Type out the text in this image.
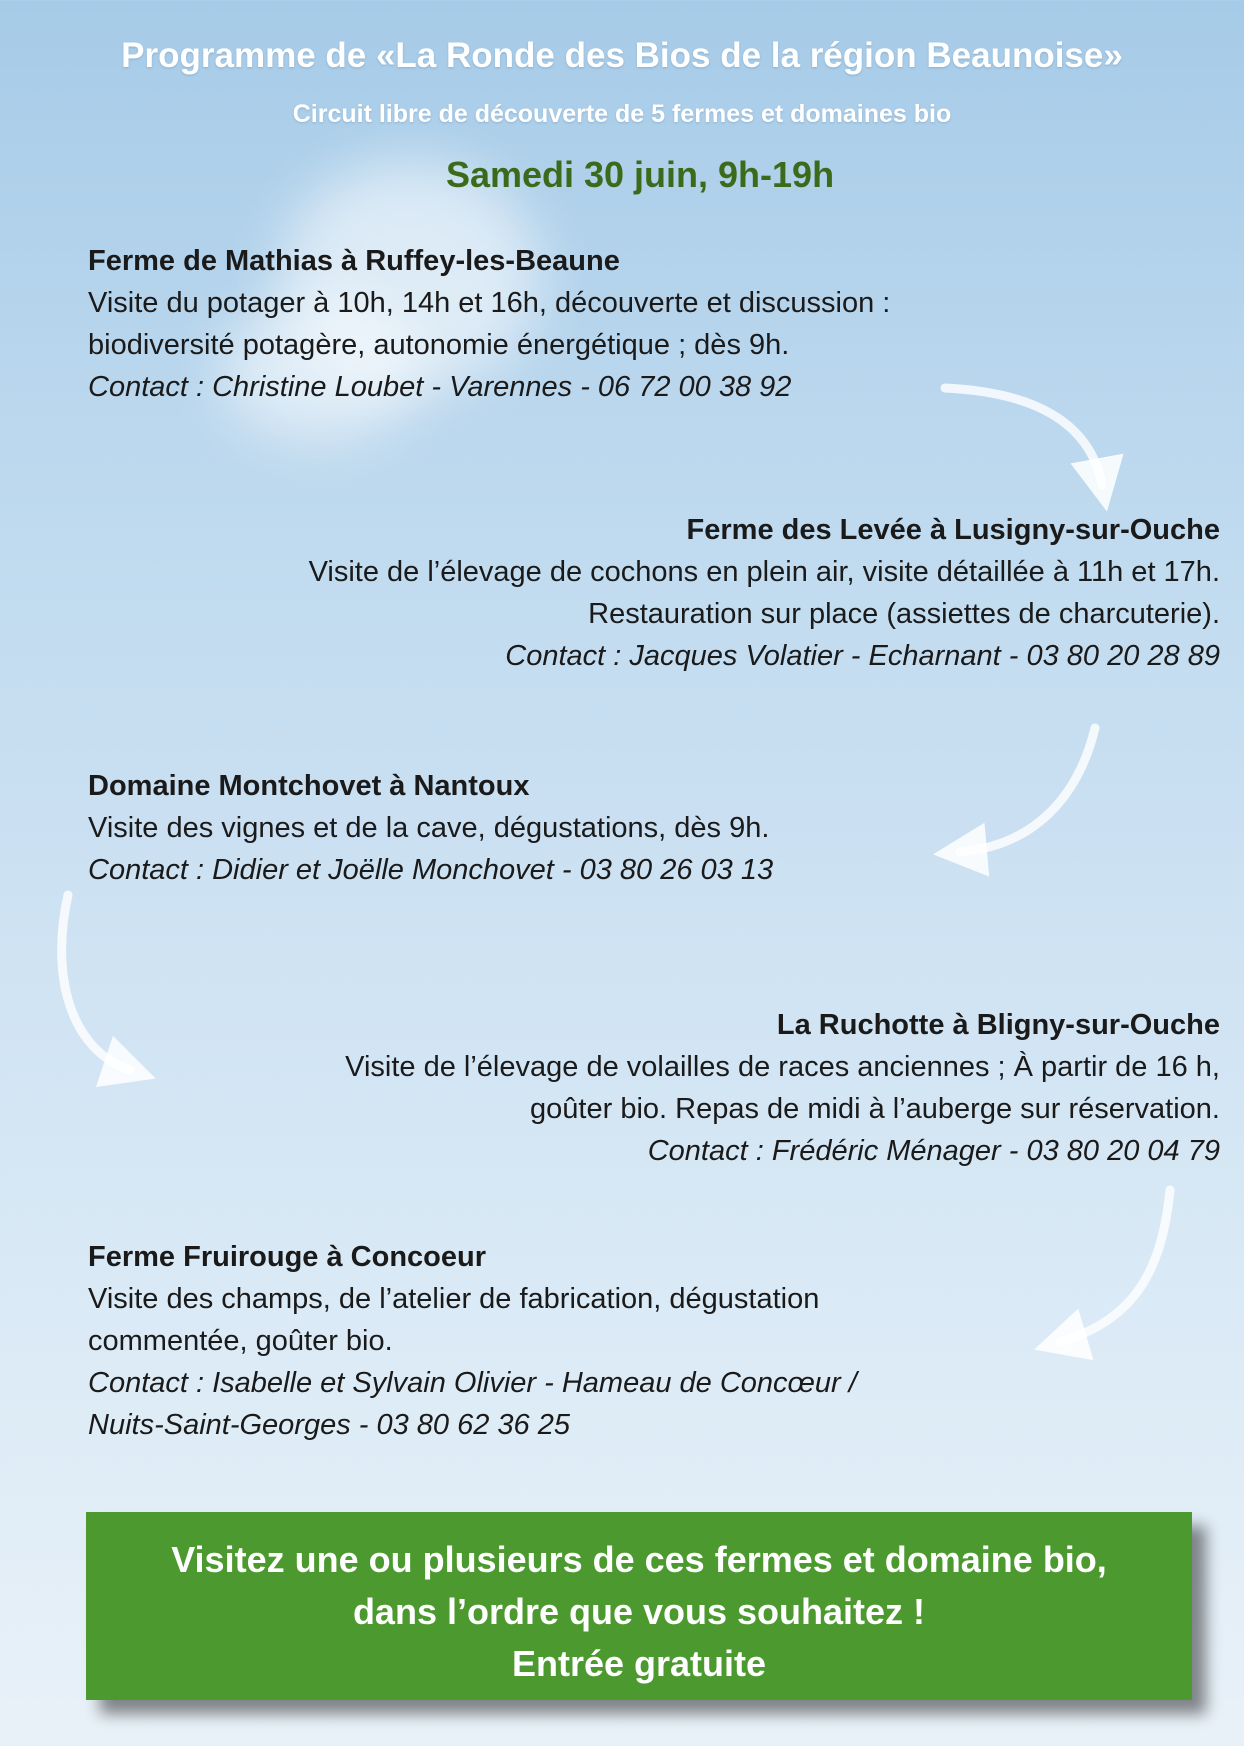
Programme de «La Ronde des Bios de la région Beaunoise»
Circuit libre de découverte de 5 fermes et domaines bio
Samedi 30 juin, 9h-19h
Ferme de Mathias à Ruffey-les-Beaune
Visite du potager à 10h, 14h et 16h, découverte et discussion :
biodiversité potagère, autonomie énergétique ; dès 9h.
Contact : Christine Loubet - Varennes - 06 72 00 38 92
Ferme des Levée à Lusigny-sur-Ouche
Visite de l’élevage de cochons en plein air, visite détaillée à 11h et 17h.
Restauration sur place (assiettes de charcuterie).
Contact : Jacques Volatier - Echarnant - 03 80 20 28 89
Domaine Montchovet à Nantoux
Visite des vignes et de la cave, dégustations, dès 9h.
Contact : Didier et Joëlle Monchovet - 03 80 26 03 13
La Ruchotte à Bligny-sur-Ouche
Visite de l’élevage de volailles de races anciennes ; À partir de 16 h,
goûter bio. Repas de midi à l’auberge sur réservation.
Contact : Frédéric Ménager - 03 80 20 04 79
Ferme Fruirouge à Concoeur
Visite des champs, de l’atelier de fabrication, dégustation
commentée, goûter bio.
Contact : Isabelle et Sylvain Olivier - Hameau de Concœur /
Nuits-Saint-Georges - 03 80 62 36 25
Visitez une ou plusieurs de ces fermes et domaine bio,
dans l’ordre que vous souhaitez !
Entrée gratuite
